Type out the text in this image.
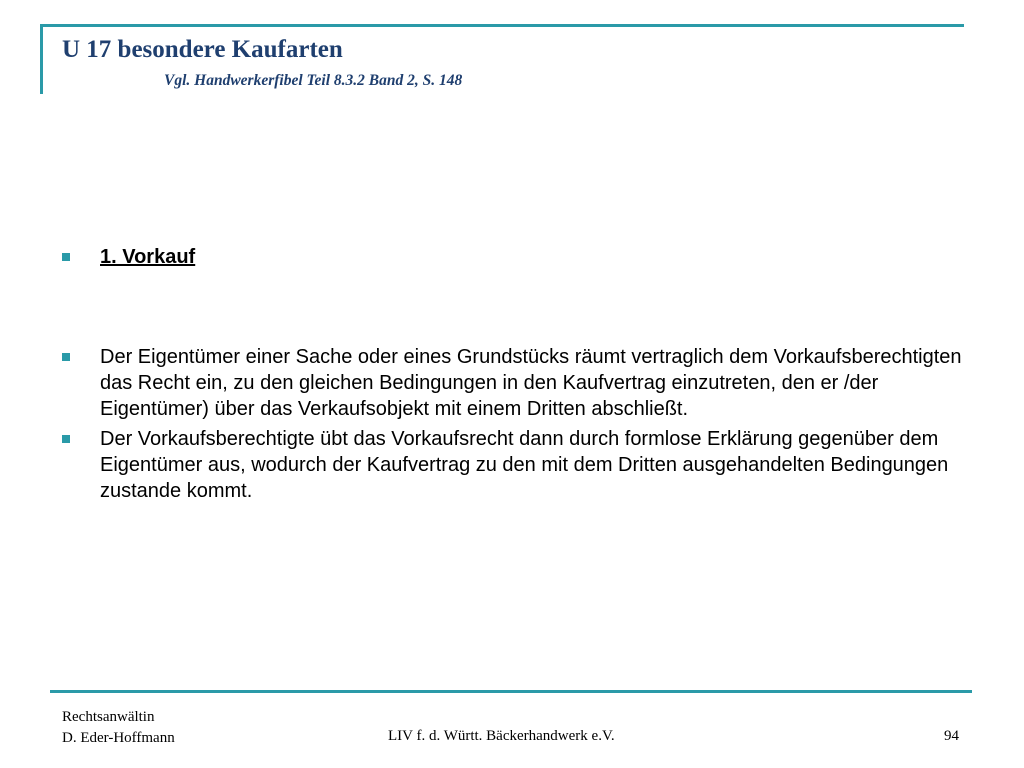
U 17 besondere Kaufarten
Vgl. Handwerkerfibel Teil 8.3.2 Band 2, S. 148
1. Vorkauf
Der Eigentümer einer Sache oder eines Grundstücks räumt vertraglich dem Vorkaufsberechtigten das Recht ein, zu den gleichen Bedingungen in den Kaufvertrag einzutreten, den er /der Eigentümer) über das Verkaufsobjekt mit einem Dritten abschließt.
Der Vorkaufsberechtigte übt das Vorkaufsrecht dann durch formlose Erklärung gegenüber dem Eigentümer aus, wodurch der Kaufvertrag zu den mit dem Dritten ausgehandelten Bedingungen zustande kommt.
Rechtsanwältin
D. Eder-Hoffmann	LIV f. d. Württ. Bäckerhandwerk e.V.	94
